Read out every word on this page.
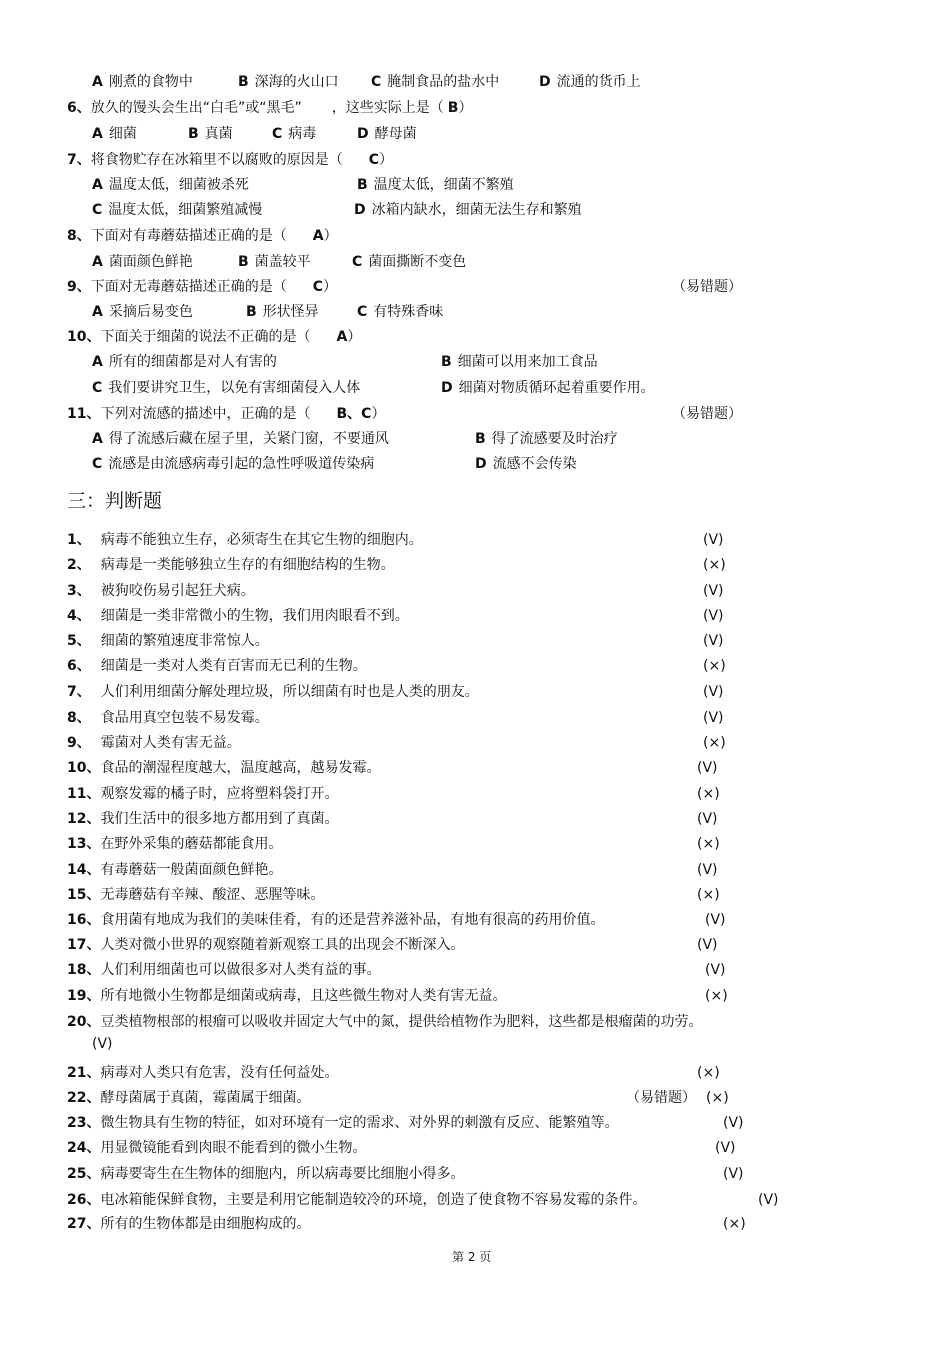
A 刚煮的食物中	B 深海的火山口 C 腌制食品的盐水中	D 流通的货币上
6、放久的馒头会生出“白毛”或“黑毛” ，这些实际上是（ B）
A 细菌	B 真菌	C 病毒	D 酵母菌
7、将食物贮存在冰箱里不以腐败的原因是（ C）
A 温度太低，细菌被杀死	B 温度太低，细菌不繁殖
C 温度太低，细菌繁殖减慢	D 冰箱内缺水，细菌无法生存和繁殖
8、下面对有毒蘑菇描述正确的是（ A）
A 菌面颜色鲜艳	B 菌盖较平	C 菌面撕断不变色
9、下面对无毒蘑菇描述正确的是（ C）	（易错题）
A 采摘后易变色	B 形状怪异	C 有特殊香味
10、下面关于细菌的说法不正确的是（ A）
A 所有的细菌都是对人有害的	B 细菌可以用来加工食品
C 我们要讲究卫生，以免有害细菌侵入人体	D 细菌对物质循环起着重要作用。
11、下列对流感的描述中，正确的是（ B、C）	（易错题）
A 得了流感后藏在屋子里，关紧门窗，不要通风	B 得了流感要及时治疗
C 流感是由流感病毒引起的急性呼吸道传染病	D 流感不会传染
三：判断题
1、 病毒不能独立生存，必须寄生在其它生物的细胞内。	(V)
2、 病毒是一类能够独立生存的有细胞结构的生物。	(×)
3、 被狗咬伤易引起狂犬病。	(V)
4、 细菌是一类非常微小的生物，我们用肉眼看不到。	(V)
5、 细菌的繁殖速度非常惊人。	(V)
6、 细菌是一类对人类有百害而无已利的生物。	(×)
7、 人们利用细菌分解处理垃圾，所以细菌有时也是人类的朋友。	(V)
8、 食品用真空包装不易发霉。	(V)
9、 霉菌对人类有害无益。	(×)
10、食品的潮湿程度越大，温度越高，越易发霉。	(V)
11、观察发霉的橘子时，应将塑料袋打开。	(×)
12、我们生活中的很多地方都用到了真菌。	(V)
13、在野外采集的蘑菇都能食用。	(×)
14、有毒蘑菇一般菌面颜色鲜艳。	(V)
15、无毒蘑菇有辛辣、酸涩、恶腥等味。	(×)
16、食用菌有地成为我们的美味佳肴，有的还是营养滋补品，有地有很高的药用价值。	(V)
17、人类对微小世界的观察随着新观察工具的出现会不断深入。	(V)
18、人们利用细菌也可以做很多对人类有益的事。	(V)
19、所有地微小生物都是细菌或病毒，且这些微生物对人类有害无益。	(×)
20、豆类植物根部的根瘤可以吸收并固定大气中的氮，提供给植物作为肥料，这些都是根瘤菌的功劳。
(V)
21、病毒对人类只有危害，没有任何益处。	(×)
22、酵母菌属于真菌，霉菌属于细菌。	（易错题） (×)
23、微生物具有生物的特征，如对环境有一定的需求、对外界的刺激有反应、能繁殖等。	(V)
24、用显微镜能看到肉眼不能看到的微小生物。	(V)
25、病毒要寄生在生物体的细胞内，所以病毒要比细胞小得多。	(V)
26、电冰箱能保鲜食物，主要是利用它能制造较冷的环境，创造了使食物不容易发霉的条件。	(V)
27、所有的生物体都是由细胞构成的。	(×)
第 2 页
